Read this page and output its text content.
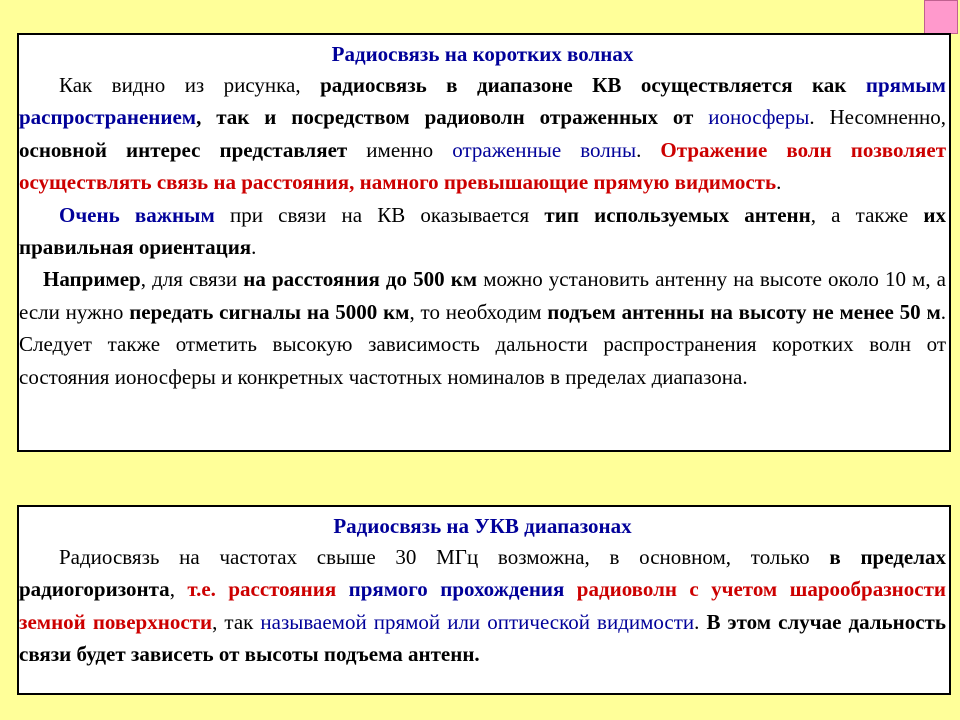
Радиосвязь на коротких волнах

Как видно из рисунка, радиосвязь в диапазоне КВ осуществляется как прямым распространением, так и посредством радиоволн отраженных от ионосферы. Несомненно, основной интерес представляет именно отраженные волны. Отражение волн позволяет осуществлять связь на расстояния, намного превышающие прямую видимость.

Очень важным при связи на КВ оказывается тип используемых антенн, а также их правильная ориентация.

Например, для связи на расстояния до 500 км можно установить антенну на высоте около 10 м, а если нужно передать сигналы на 5000 км, то необходим подъем антенны на высоту не менее 50 м. Следует также отметить высокую зависимость дальности распространения коротких волн от состояния ионосферы и конкретных частотных номиналов в пределах диапазона.

Радиосвязь на УКВ диапазонах

Радиосвязь на частотах свыше 30 МГц возможна, в основном, только в пределах радиогоризонта, т.е. расстояния прямого прохождения радиоволн с учетом шарообразности земной поверхности, так называемой прямой или оптической видимости. В этом случае дальность связи будет зависеть от высоты подъема антенн.
